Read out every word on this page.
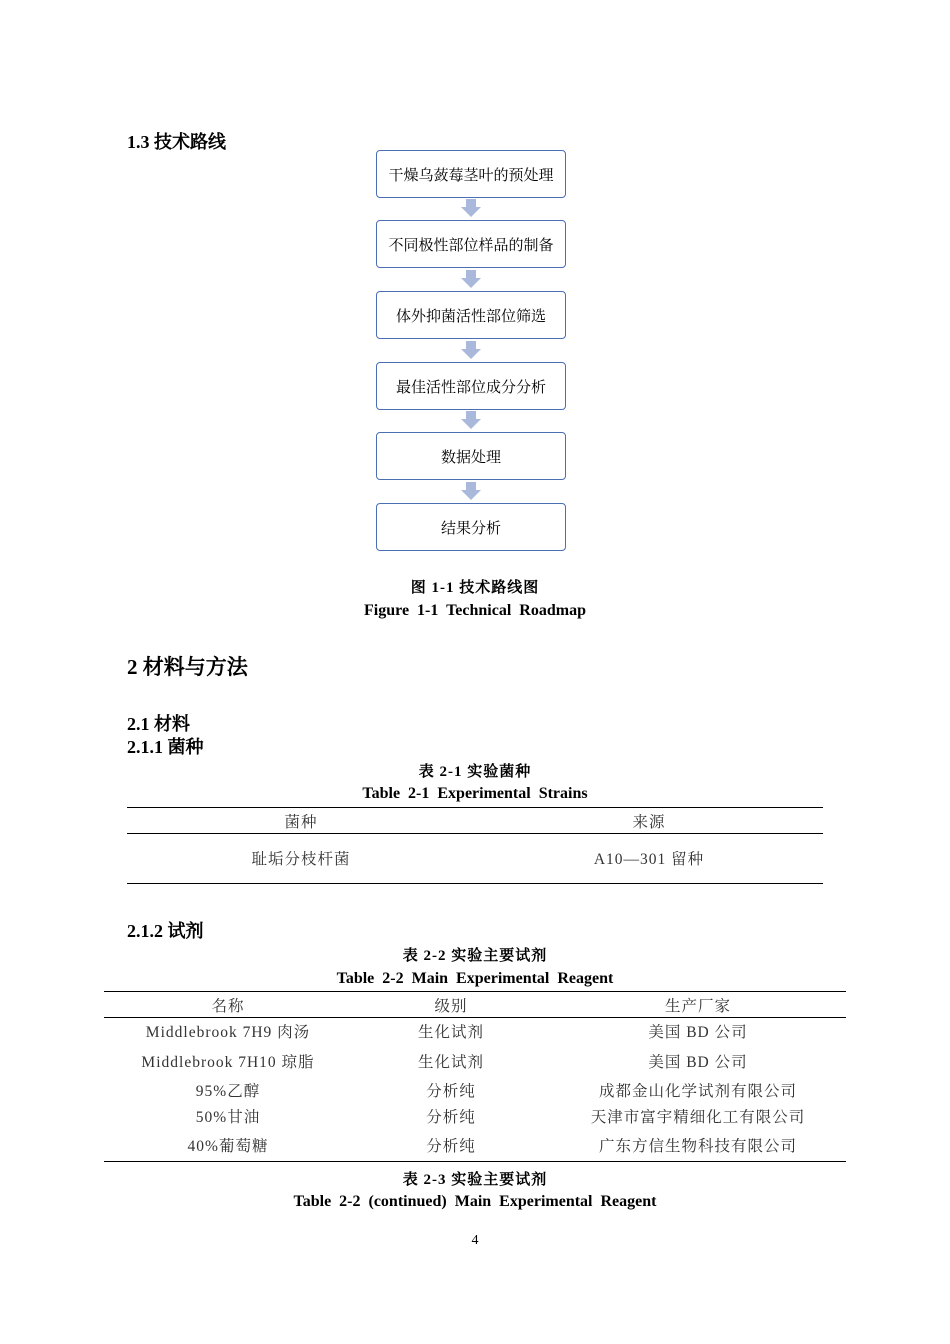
1.3 技术路线
干燥乌蔹莓茎叶的预处理
不同极性部位样品的制备
体外抑菌活性部位筛选
最佳活性部位成分分析
数据处理
结果分析
图 1-1 技术路线图
Figure 1-1 Technical Roadmap
2 材料与方法
2.1 材料
2.1.1 菌种
表 2-1 实验菌种
Table 2-1 Experimental Strains
菌种	来源
耻垢分枝杆菌	A10—301 留种
2.1.2 试剂
表 2-2 实验主要试剂
Table 2-2 Main Experimental Reagent
名称	级别	生产厂家
Middlebrook 7H9 肉汤	生化试剂	美国 BD 公司
Middlebrook 7H10 琼脂	生化试剂	美国 BD 公司
95%乙醇	分析纯	成都金山化学试剂有限公司
50%甘油	分析纯	天津市富宇精细化工有限公司
40%葡萄糖	分析纯	广东方信生物科技有限公司
表 2-3 实验主要试剂
Table 2-2 (continued) Main Experimental Reagent
4
